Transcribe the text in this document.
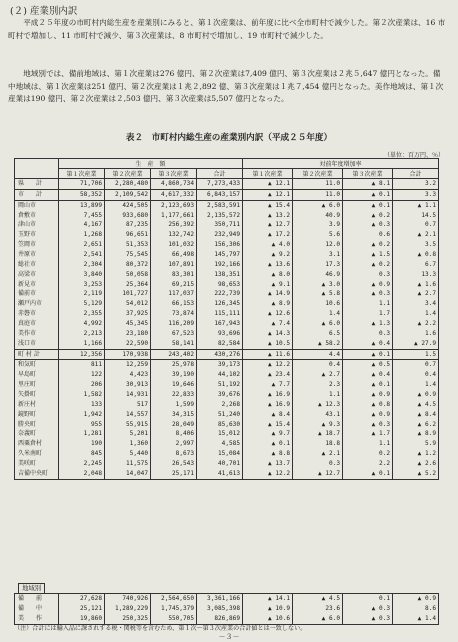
(２) 産業別内訳

平成２５年度の市町村内総生産を産業別にみると、第１次産業は、前年度に比べ全市町村で減少した。第２次産業は、16 市町村で増加し、11 市町村で減少、第３次産業は、8 市町村で増加し、19 市町村で減少した。

地域別では、備前地域は、第１次産業は276 億円、第２次産業は7,409 億円、第３次産業は２兆５,647 億円となった。備中地域は、第１次産業は251 億円、第２次産業は１兆２,892 億、第３次産業は１兆７,454 億円となった。美作地域は、第１次産業は190 億円、第２次産業は２,503 億円、第３次産業は5,507 億円となった。

表２　市町村内総生産の産業別内訳（平成２５年度）
（単位：百万円、％）
	生　産　額				対前年度増加率			
	第１次産業	第２次産業	第３次産業	合計	第１次産業	第２次産業	第３次産業	合計
県　　計	71,706	2,280,480	4,860,734	7,273,433	▲ 12.1	11.0	▲ 8.1	3.2
市　　計	58,352	2,109,542	4,617,332	6,843,157	▲ 12.1	11.0	▲ 0.1	3.3
岡山市	13,899	424,505	2,123,693	2,583,591	▲ 15.4	▲ 6.0	▲ 0.1	▲ 1.1
倉敷市	7,455	933,680	1,177,661	2,135,572	▲ 13.2	40.9	▲ 0.2	14.5
津山市	4,167	87,235	256,392	350,711	▲ 12.7	3.9	▲ 0.3	0.7
玉野市	1,268	96,651	132,742	232,949	▲ 17.2	5.6	0.6	▲ 2.1
笠岡市	2,651	51,353	101,032	156,306	▲ 4.0	12.0	▲ 0.2	3.5
井原市	2,541	75,545	66,498	145,797	▲ 9.2	3.1	▲ 1.5	▲ 0.8
総社市	2,304	80,372	107,891	192,166	▲ 13.6	17.3	▲ 0.2	6.7
高梁市	3,840	50,058	83,301	138,351	▲ 8.0	46.9	0.3	13.3
新見市	3,253	25,364	69,215	98,653	▲ 9.1	▲ 3.0	▲ 0.9	▲ 1.6
備前市	2,119	101,727	117,037	222,739	▲ 14.9	▲ 5.8	▲ 0.3	▲ 2.7
瀬戸内市	5,129	54,012	66,153	126,345	▲ 8.9	10.6	1.1	3.4
赤磐市	2,355	37,925	73,874	115,111	▲ 12.6	1.4	1.7	1.4
真庭市	4,992	45,345	116,209	167,943	▲ 7.4	▲ 6.0	▲ 1.3	▲ 2.2
美作市	2,213	23,180	67,523	93,696	▲ 14.3	6.5	0.3	1.6
浅口市	1,166	22,590	58,141	82,584	▲ 10.5	▲ 58.2	▲ 0.4	▲ 27.9
町 村 計	12,356	170,938	243,402	430,276	▲ 11.6	4.4	▲ 0.1	1.5
和気町	811	12,259	25,978	39,173	▲ 12.2	0.4	▲ 0.5	0.7
早島町	122	4,423	39,190	44,102	▲ 23.4	▲ 2.7	▲ 0.4	0.4
里庄町	206	30,913	19,646	51,192	▲ 7.7	2.3	▲ 0.1	1.4
矢掛町	1,582	14,931	22,833	39,676	▲ 16.9	1.1	▲ 0.9	▲ 0.9
新庄村	133	517	1,599	2,268	▲ 16.9	▲ 12.3	▲ 0.8	▲ 4.5
鏡野町	1,942	14,557	34,315	51,240	▲ 8.4	43.1	▲ 0.9	▲ 8.4
勝央町	955	55,915	28,049	85,630	▲ 15.4	▲ 9.3	▲ 0.3	▲ 6.2
奈義町	1,281	5,201	8,406	15,012	▲ 9.7	▲ 18.7	▲ 1.7	▲ 8.9
西粟倉村	190	1,360	2,997	4,585	▲ 0.1	18.8	1.1	5.9
久米南町	845	5,440	8,673	15,084	▲ 8.8	▲ 2.1	0.2	▲ 1.2
美咲町	2,245	11,575	26,543	40,701	▲ 13.7	0.3	2.2	▲ 2.6
吉備中央町	2,048	14,047	25,171	41,613	▲ 12.2	▲ 12.7	▲ 0.1	▲ 5.2
地域別
備　　前	27,628	740,926	2,564,650	3,361,166	▲ 14.1	▲ 4.5	0.1	▲ 0.9
備　　中	25,121	1,289,229	1,745,379	3,085,398	▲ 10.9	23.6	▲ 0.3	8.6
美　　作	19,860	250,325	550,705	826,869	▲ 10.6	▲ 6.0	▲ 0.3	▲ 1.4
（注）合計には輸入品に課されする税・関税等を含むため、第１次～第３次産業の合計値とは一致しない。
－３－
